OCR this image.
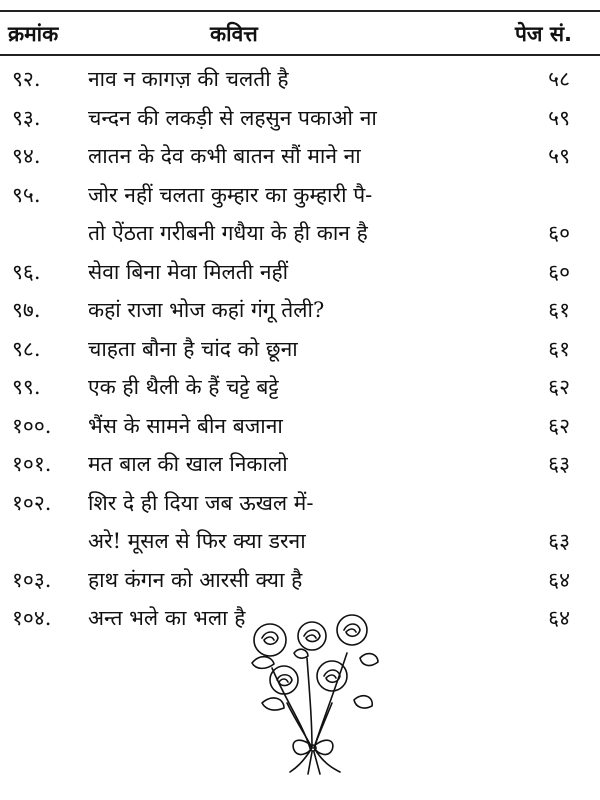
क्रमांक	कवित्त	पेज सं.
९२.	नाव न कागज़ की चलती है	५८
९३.	चन्दन की लकड़ी से लहसुन पकाओ ना	५९
९४.	लातन के देव कभी बातन सौं माने ना	५९
९५.	जोर नहीं चलता कुम्हार का कुम्हारी पै-
तो ऐंठता गरीबनी गधैया के ही कान है	६०
९६.	सेवा बिना मेवा मिलती नहीं	६०
९७.	कहां राजा भोज कहां गंगू तेली?	६१
९८.	चाहता बौना है चांद को छूना	६१
९९.	एक ही थैली के हैं चट्टे बट्टे	६२
१००.	भैंस के सामने बीन बजाना	६२
१०१.	मत बाल की खाल निकालो	६३
१०२.	शिर दे ही दिया जब ऊखल में-
अरे! मूसल से फिर क्या डरना	६३
१०३.	हाथ कंगन को आरसी क्या है	६४
१०४.	अन्त भले का भला है	६४
